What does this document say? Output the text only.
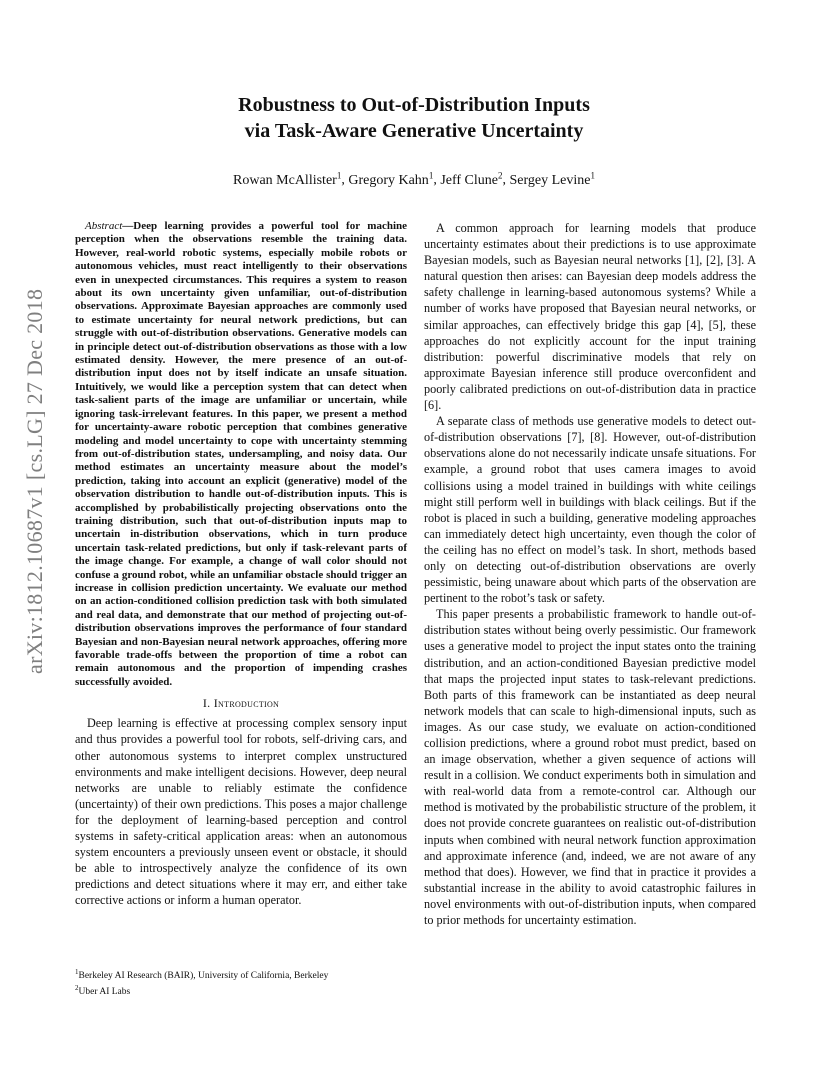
arXiv:1812.10687v1 [cs.LG] 27 Dec 2018
Robustness to Out-of-Distribution Inputs
via Task-Aware Generative Uncertainty
Rowan McAllister$^1$, Gregory Kahn$^1$, Jeff Clune$^2$, Sergey Levine$^1$

Abstract—Deep learning provides a powerful tool for machine perception when the observations resemble the training data. However, real-world robotic systems, especially mobile robots or autonomous vehicles, must react intelligently to their observations even in unexpected circumstances. This requires a system to reason about its own uncertainty given unfamiliar, out-of-distribution observations. Approximate Bayesian approaches are commonly used to estimate uncertainty for neural network predictions, but can struggle with out-of-distribution observations. Generative models can in principle detect out-of-distribution observations as those with a low estimated density. However, the mere presence of an out-of-distribution input does not by itself indicate an unsafe situation. Intuitively, we would like a perception system that can detect when task-salient parts of the image are unfamiliar or uncertain, while ignoring task-irrelevant features. In this paper, we present a method for uncertainty-aware robotic perception that combines generative modeling and model uncertainty to cope with uncertainty stemming from out-of-distribution states, undersampling, and noisy data. Our method estimates an uncertainty measure about the model’s prediction, taking into account an explicit (generative) model of the observation distribution to handle out-of-distribution inputs. This is accomplished by probabilistically projecting observations onto the training distribution, such that out-of-distribution inputs map to uncertain in-distribution observations, which in turn produce uncertain task-related predictions, but only if task-relevant parts of the image change. For example, a change of wall color should not confuse a ground robot, while an unfamiliar obstacle should trigger an increase in collision prediction uncertainty. We evaluate our method on an action-conditioned collision prediction task with both simulated and real data, and demonstrate that our method of projecting out-of-distribution observations improves the performance of four standard Bayesian and non-Bayesian neural network approaches, offering more favorable trade-offs between the proportion of time a robot can remain autonomous and the proportion of impending crashes successfully avoided.

I. Introduction

Deep learning is effective at processing complex sensory input and thus provides a powerful tool for robots, self-driving cars, and other autonomous systems to interpret complex unstructured environments and make intelligent decisions. However, deep neural networks are unable to reliably estimate the confidence (uncertainty) of their own predictions. This poses a major challenge for the deployment of learning-based perception and control systems in safety-critical application areas: when an autonomous system encounters a previously unseen event or obstacle, it should be able to introspectively analyze the confidence of its own predictions and detect situations where it may err, and either take corrective actions or inform a human operator.

$^1$Berkeley AI Research (BAIR), University of California, Berkeley
$^2$Uber AI Labs

A common approach for learning models that produce uncertainty estimates about their predictions is to use approximate Bayesian models, such as Bayesian neural networks [1], [2], [3]. A natural question then arises: can Bayesian deep models address the safety challenge in learning-based autonomous systems? While a number of works have proposed that Bayesian neural networks, or similar approaches, can effectively bridge this gap [4], [5], these approaches do not explicitly account for the input training distribution: powerful discriminative models that rely on approximate Bayesian inference still produce overconfident and poorly calibrated predictions on out-of-distribution data in practice [6].

A separate class of methods use generative models to detect out-of-distribution observations [7], [8]. However, out-of-distribution observations alone do not necessarily indicate unsafe situations. For example, a ground robot that uses camera images to avoid collisions using a model trained in buildings with white ceilings might still perform well in buildings with black ceilings. But if the robot is placed in such a building, generative modeling approaches can immediately detect high uncertainty, even though the color of the ceiling has no effect on model’s task. In short, methods based only on detecting out-of-distribution observations are overly pessimistic, being unaware about which parts of the observation are pertinent to the robot’s task or safety.

This paper presents a probabilistic framework to handle out-of-distribution states without being overly pessimistic. Our framework uses a generative model to project the input states onto the training distribution, and an action-conditioned Bayesian predictive model that maps the projected input states to task-relevant predictions. Both parts of this framework can be instantiated as deep neural network models that can scale to high-dimensional inputs, such as images. As our case study, we evaluate on action-conditioned collision predictions, where a ground robot must predict, based on an image observation, whether a given sequence of actions will result in a collision. We conduct experiments both in simulation and with real-world data from a remote-control car. Although our method is motivated by the probabilistic structure of the problem, it does not provide concrete guarantees on realistic out-of-distribution inputs when combined with neural network function approximation and approximate inference (and, indeed, we are not aware of any method that does). However, we find that in practice it provides a substantial increase in the ability to avoid catastrophic failures in novel environments with out-of-distribution inputs, when compared to prior methods for uncertainty estimation.
